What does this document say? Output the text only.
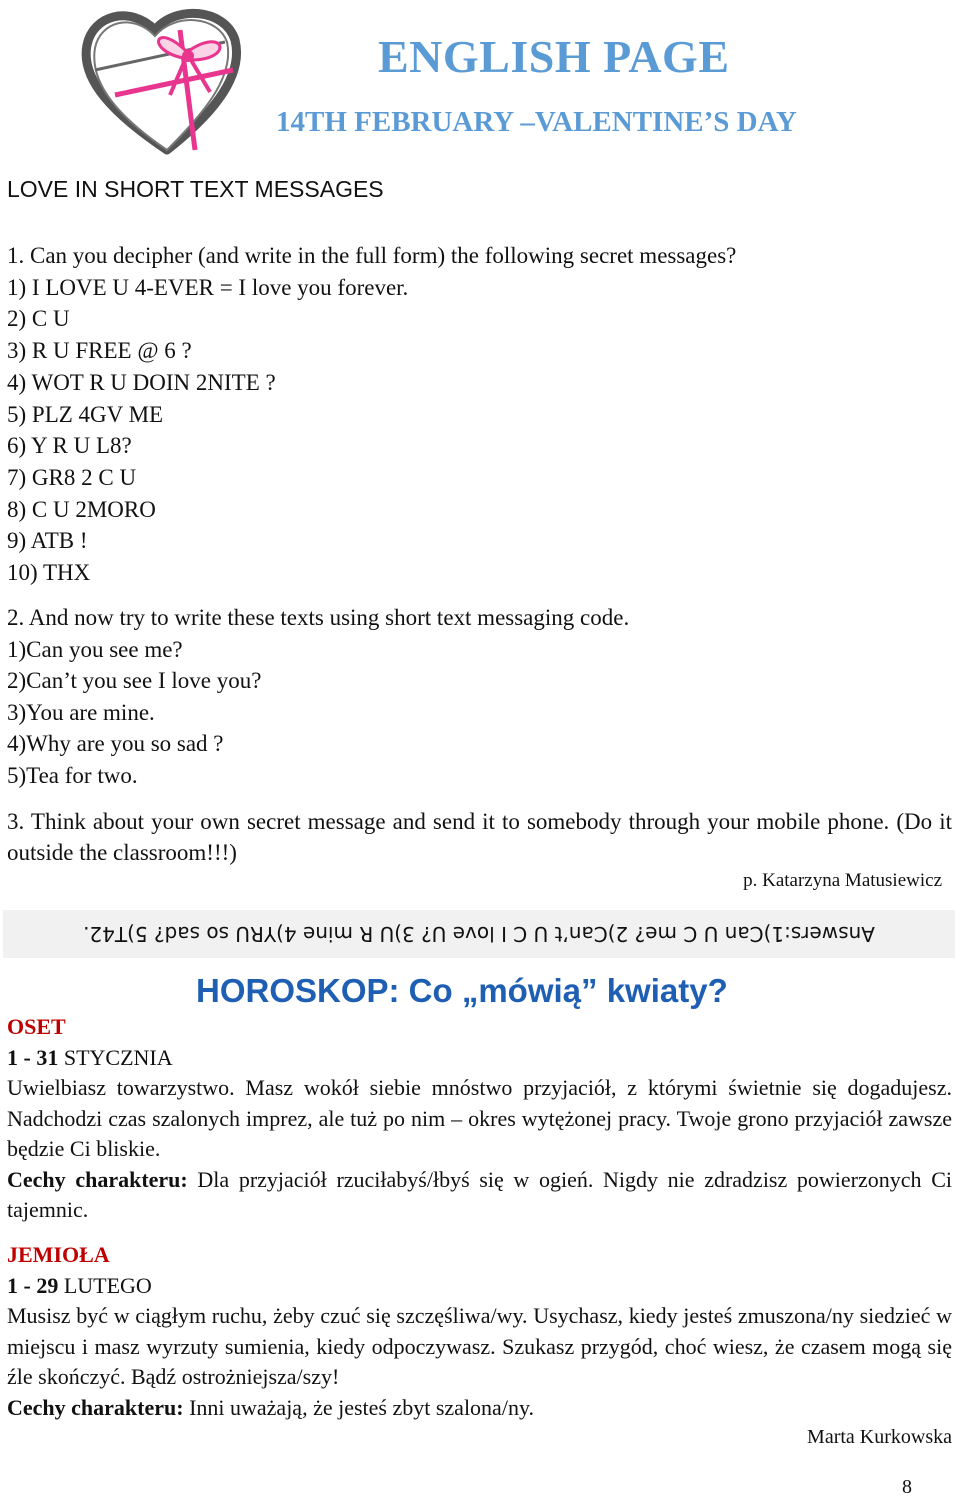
ENGLISH PAGE
14TH FEBRUARY –VALENTINE’S DAY
LOVE IN SHORT TEXT MESSAGES
1. Can you decipher (and write in the full form) the following secret messages?
1) I LOVE U 4-EVER = I love you forever.
2) C U
3) R U FREE @ 6 ?
4) WOT R U DOIN 2NITE ?
5) PLZ 4GV ME
6) Y R U L8?
7) GR8 2 C U
8) C U 2MORO
9) ATB !
10) THX
2. And now try to write these texts using short text messaging code.
1)Can you see me?
2)Can’t you see I love you?
3)You are mine.
4)Why are you so sad ?
5)Tea for two.
3. Think about your own secret message and send it to somebody through your mobile phone. (Do it outside the classroom!!!)
p. Katarzyna Matusiewicz
Answers:1)Can U C me? 2)Can’t U C I love U? 3)U R mine 4)YRU so sad? 5)T42.
HOROSKOP: Co „mówią” kwiaty?
OSET
1 - 31 STYCZNIA

Uwielbiasz towarzystwo. Masz wokół siebie mnóstwo przyjaciół, z którymi świetnie się dogadujesz. Nadchodzi czas szalonych imprez, ale tuż po nim – okres wytężonej pracy. Twoje grono przyjaciół zawsze będzie Ci bliskie.

Cechy charakteru: Dla przyjaciół rzuciłabyś/łbyś się w ogień. Nigdy nie zdradzisz powierzonych Ci tajemnic.

JEMIOŁA
1 - 29 LUTEGO

Musisz być w ciągłym ruchu, żeby czuć się szczęśliwa/wy. Usychasz, kiedy jesteś zmuszona/ny siedzieć w miejscu i masz wyrzuty sumienia, kiedy odpoczywasz. Szukasz przygód, choć wiesz, że czasem mogą się źle skończyć. Bądź ostrożniejsza/szy!

Cechy charakteru: Inni uważają, że jesteś zbyt szalona/ny.

Marta Kurkowska
8
